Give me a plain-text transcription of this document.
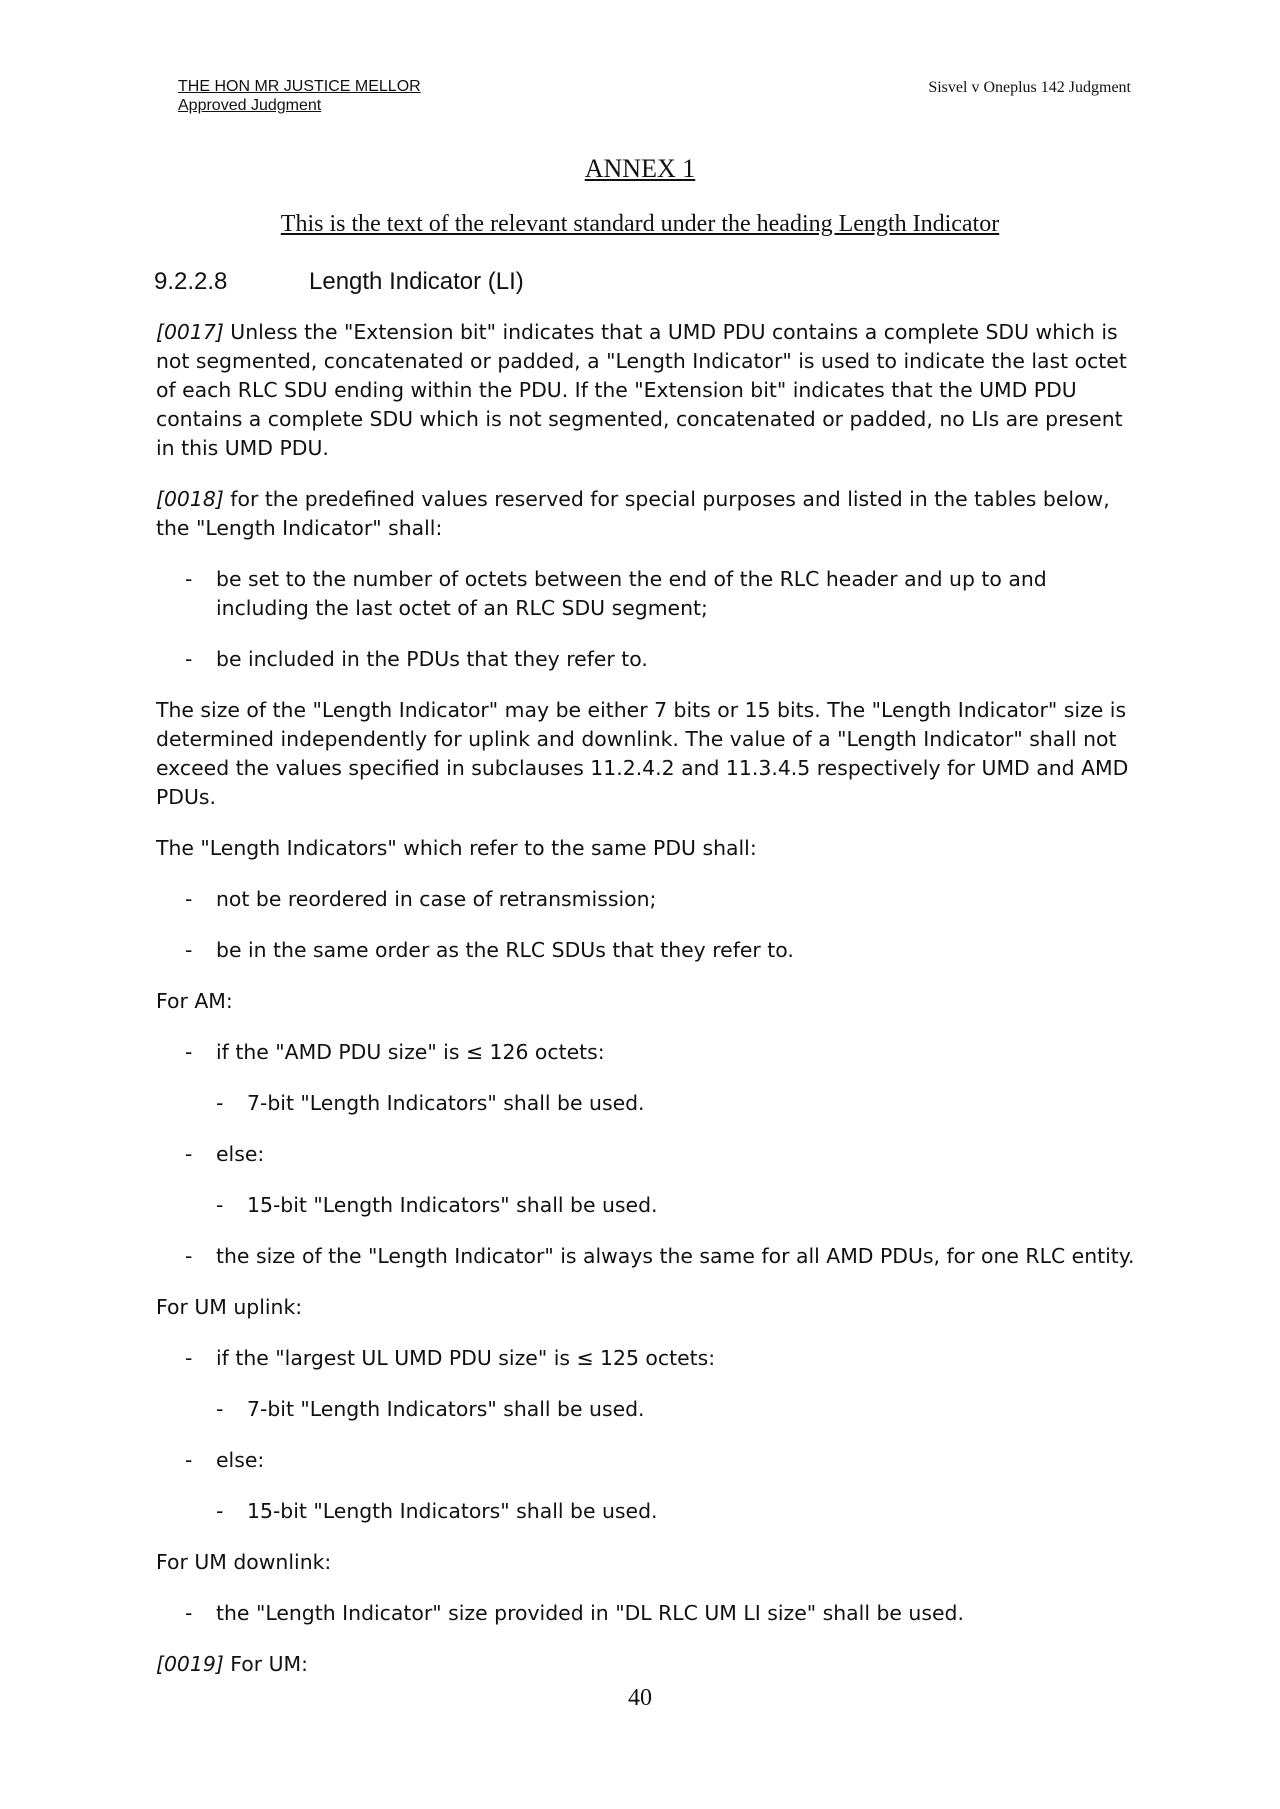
THE HON MR JUSTICE MELLOR
Approved Judgment
Sisvel v Oneplus 142 Judgment
ANNEX 1
This is the text of the relevant standard under the heading Length Indicator
9.2.2.8	Length Indicator (LI)

[0017] Unless the "Extension bit" indicates that a UMD PDU contains a complete SDU which is not segmented, concatenated or padded, a "Length Indicator" is used to indicate the last octet of each RLC SDU ending within the PDU. If the "Extension bit" indicates that the UMD PDU contains a complete SDU which is not segmented, concatenated or padded, no LIs are present in this UMD PDU.

[0018] for the predefined values reserved for special purposes and listed in the tables below, the "Length Indicator" shall:

- be set to the number of octets between the end of the RLC header and up to and including the last octet of an RLC SDU segment;
- be included in the PDUs that they refer to.

The size of the "Length Indicator" may be either 7 bits or 15 bits. The "Length Indicator" size is determined independently for uplink and downlink. The value of a "Length Indicator" shall not exceed the values specified in subclauses 11.2.4.2 and 11.3.4.5 respectively for UMD and AMD PDUs.

The "Length Indicators" which refer to the same PDU shall:

- not be reordered in case of retransmission;
- be in the same order as the RLC SDUs that they refer to.

For AM:

- if the "AMD PDU size" is ≤ 126 octets:
- 7-bit "Length Indicators" shall be used.
- else:
- 15-bit "Length Indicators" shall be used.
- the size of the "Length Indicator" is always the same for all AMD PDUs, for one RLC entity.

For UM uplink:

- if the "largest UL UMD PDU size" is ≤ 125 octets:
- 7-bit "Length Indicators" shall be used.
- else:
- 15-bit "Length Indicators" shall be used.

For UM downlink:

- the "Length Indicator" size provided in "DL RLC UM LI size" shall be used.

[0019] For UM:

40
